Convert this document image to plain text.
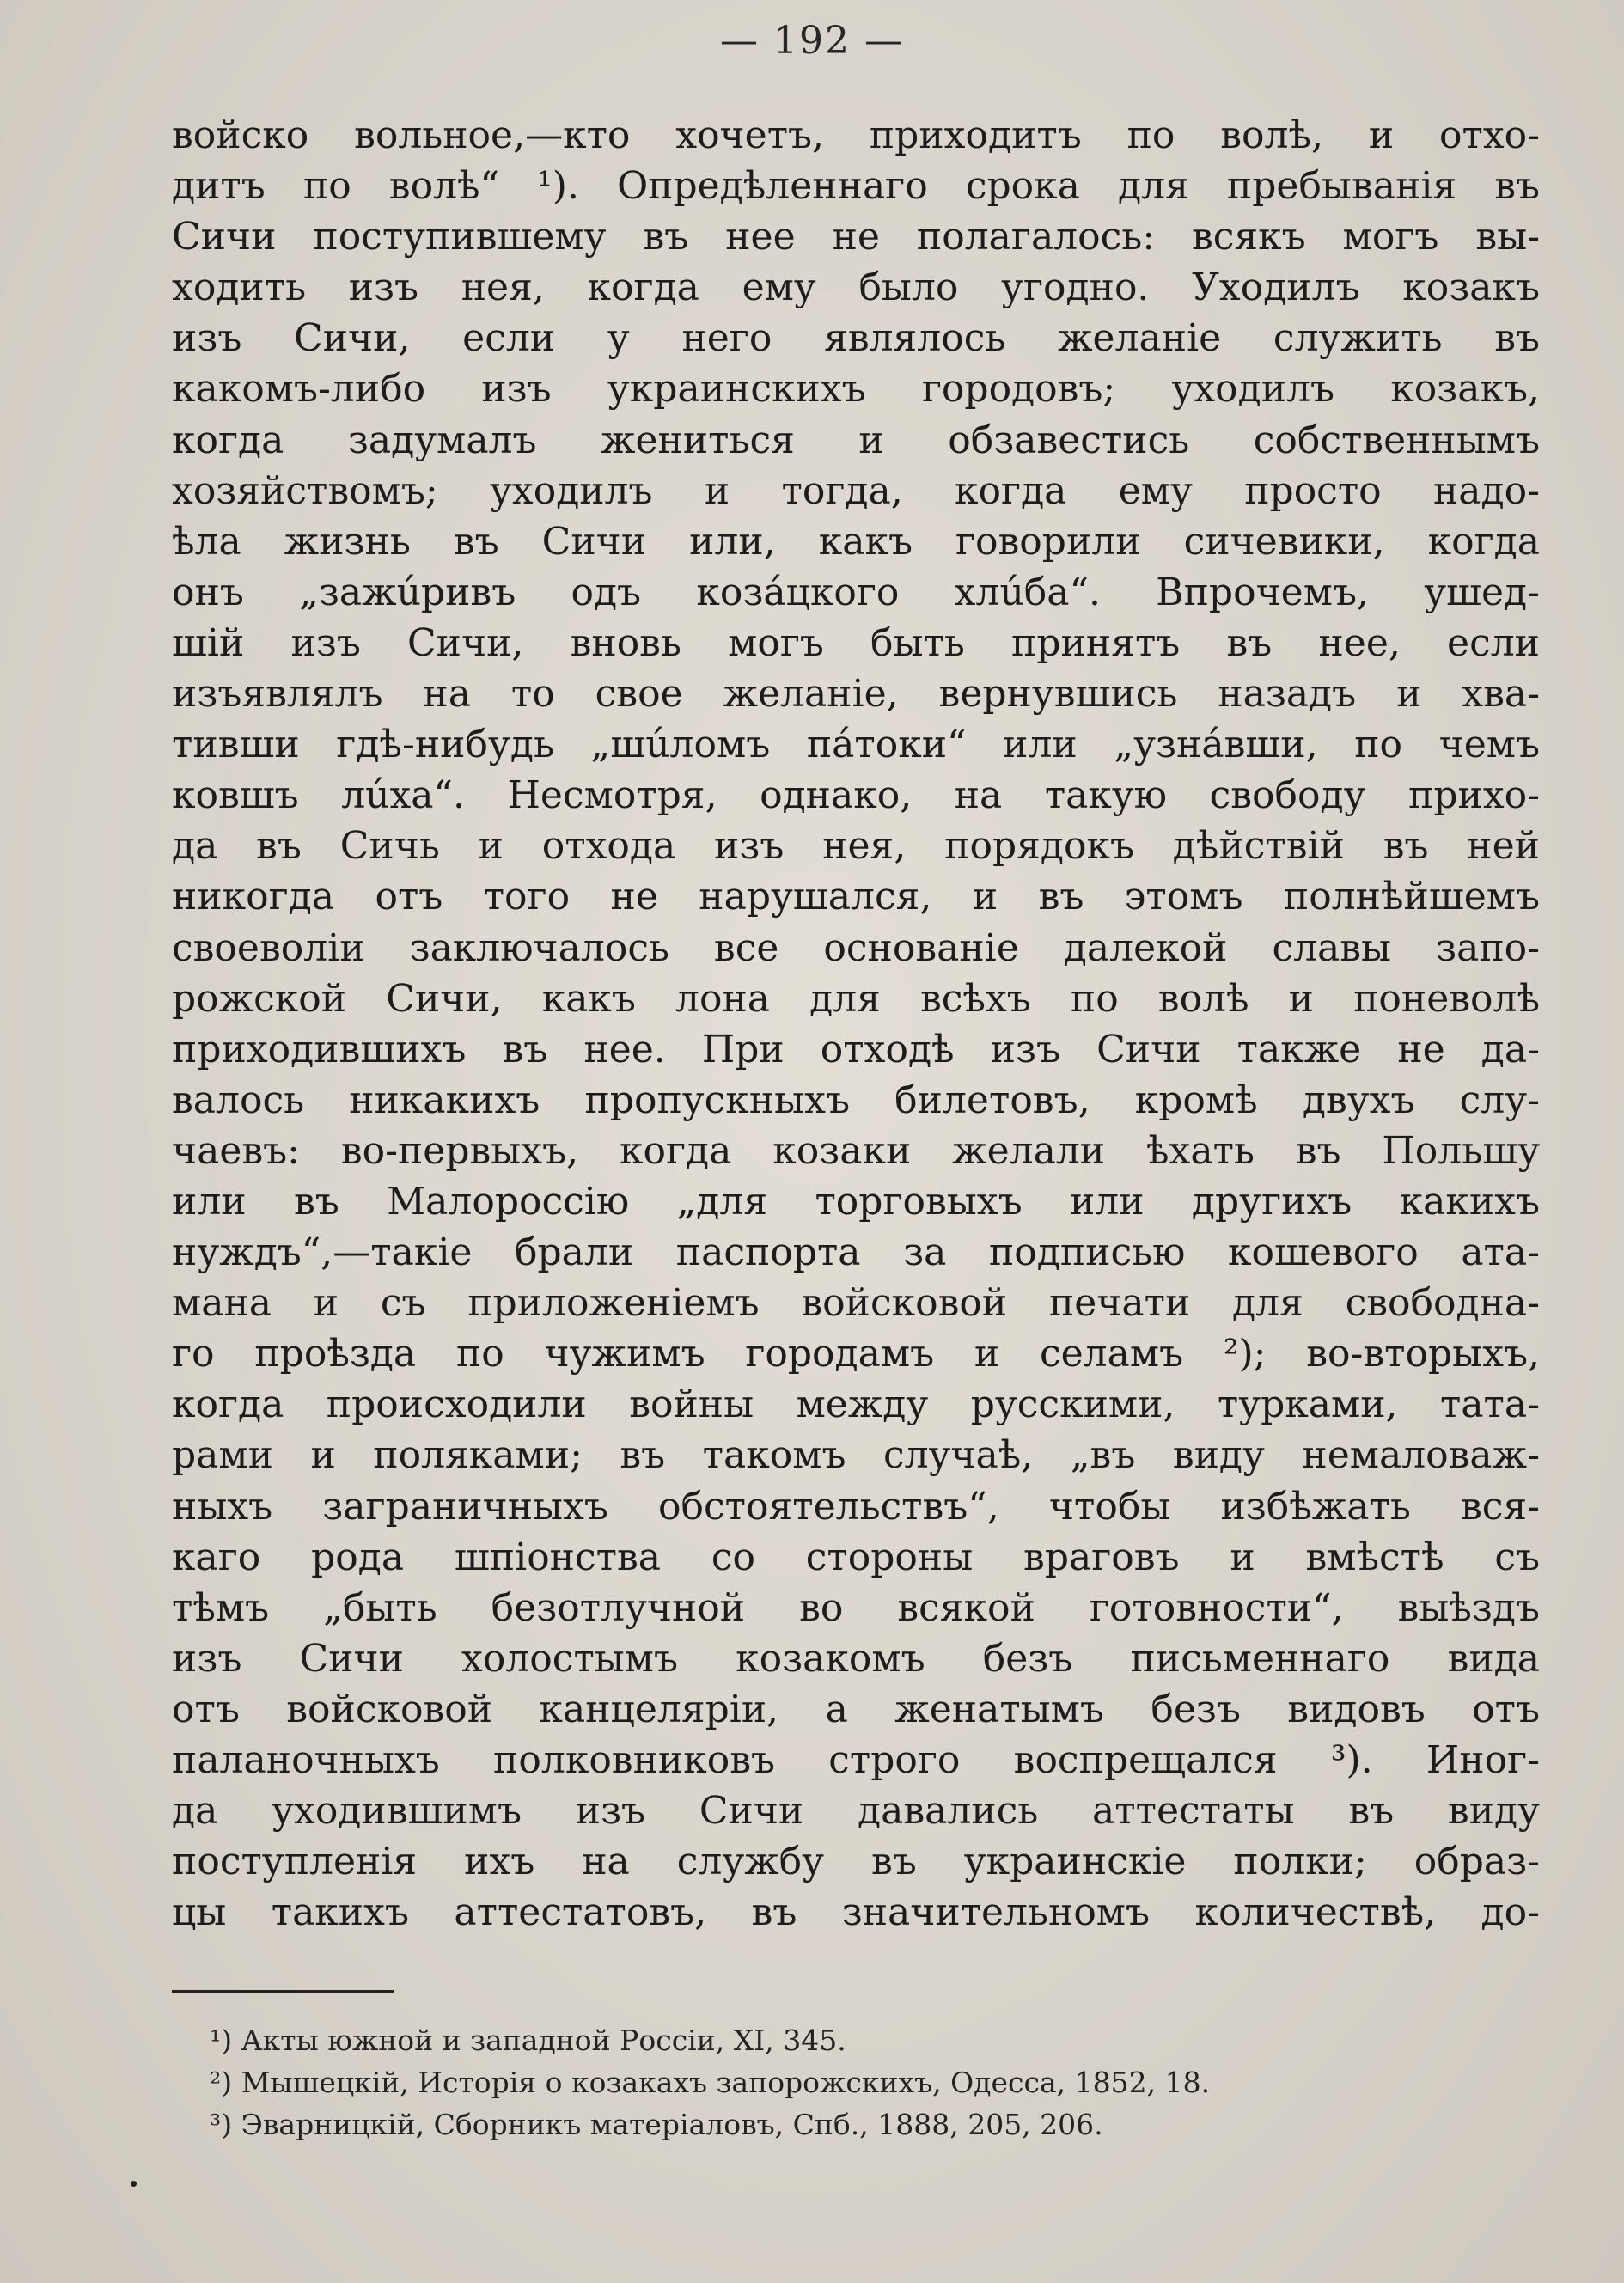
— 192 —
войско вольное,—кто хочетъ, приходитъ по волѣ, и отхо-
дитъ по волѣ“ ¹). Опредѣленнаго срока для пребыванія въ
Сичи поступившему въ нее не полагалось: всякъ могъ вы-
ходить изъ нея, когда ему было угодно. Уходилъ козакъ
изъ Сичи, если у него являлось желаніе служить въ
какомъ-либо изъ украинскихъ городовъ; уходилъ козакъ,
когда задумалъ жениться и обзавестись собственнымъ
хозяйствомъ; уходилъ и тогда, когда ему просто надо-
ѣла жизнь въ Сичи или, какъ говорили сичевики, когда
онъ „зажúривъ одъ козáцкого хлúба“. Впрочемъ, ушед-
шій изъ Сичи, вновь могъ быть принятъ въ нее, если
изъявлялъ на то свое желаніе, вернувшись назадъ и хва-
тивши гдѣ-нибудь „шúломъ пáтоки“ или „узнáвши, по чемъ
ковшъ лúха“. Несмотря, однако, на такую свободу прихо-
да въ Сичь и отхода изъ нея, порядокъ дѣйствій въ ней
никогда отъ того не нарушался, и въ этомъ полнѣйшемъ
своеволіи заключалось все основаніе далекой славы запо-
рожской Сичи, какъ лона для всѣхъ по волѣ и поневолѣ
приходившихъ въ нее. При отходѣ изъ Сичи также не да-
валось никакихъ пропускныхъ билетовъ, кромѣ двухъ слу-
чаевъ: во-первыхъ, когда козаки желали ѣхать въ Польшу
или въ Малороссію „для торговыхъ или другихъ какихъ
нуждъ“,—такіе брали паспорта за подписью кошевого ата-
мана и съ приложеніемъ войсковой печати для свободна-
го проѣзда по чужимъ городамъ и селамъ ²); во-вторыхъ,
когда происходили войны между русскими, турками, тата-
рами и поляками; въ такомъ случаѣ, „въ виду немаловаж-
ныхъ заграничныхъ обстоятельствъ“, чтобы избѣжать вся-
каго рода шпіонства со стороны враговъ и вмѣстѣ съ
тѣмъ „быть безотлучной во всякой готовности“, выѣздъ
изъ Сичи холостымъ козакомъ безъ письменнаго вида
отъ войсковой канцеляріи, а женатымъ безъ видовъ отъ
паланочныхъ полковниковъ строго воспрещался ³). Иног-
да уходившимъ изъ Сичи давались аттестаты въ виду
поступленія ихъ на службу въ украинскіе полки; образ-
цы такихъ аттестатовъ, въ значительномъ количествѣ, до-
¹) Акты южной и западной Россіи, XI, 345.
²) Мышецкій, Исторія о козакахъ запорожскихъ, Одесса, 1852, 18.
³) Эварницкій, Сборникъ матеріаловъ, Спб., 1888, 205, 206.
